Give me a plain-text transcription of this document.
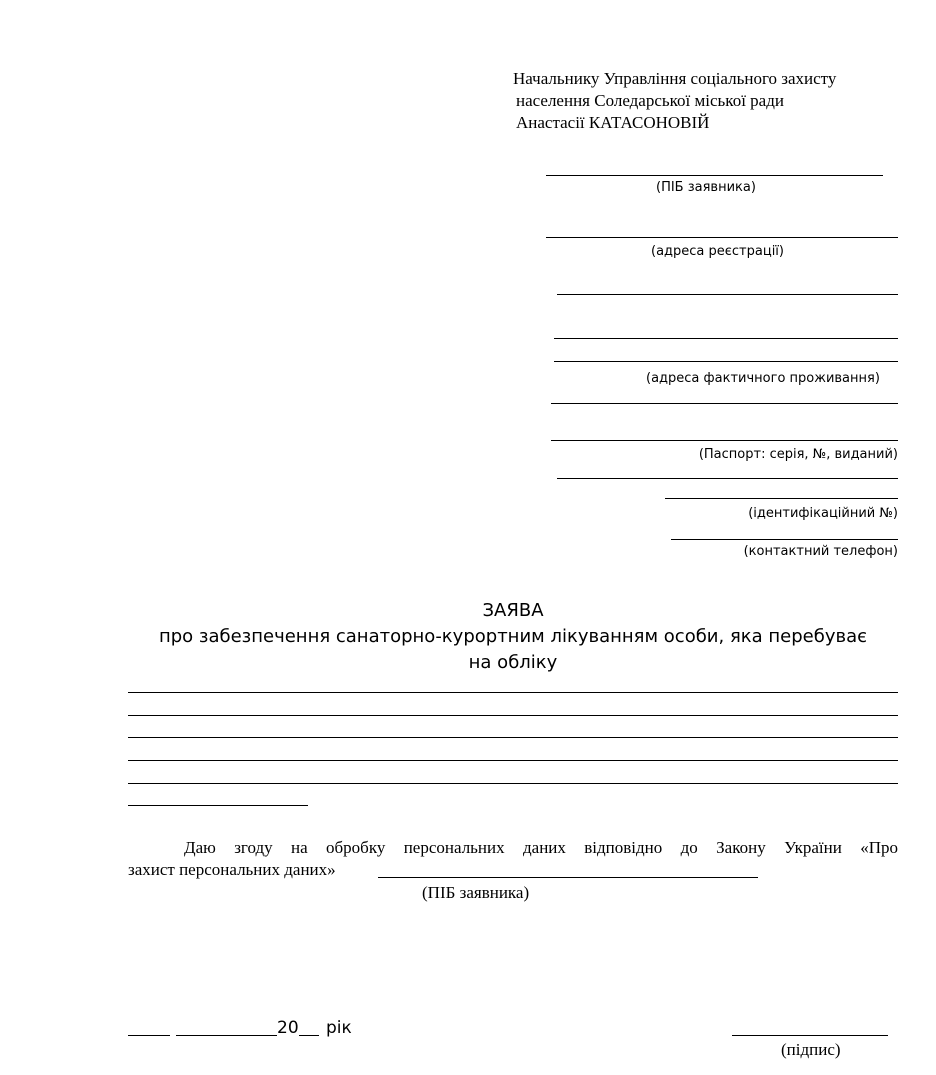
Начальнику Управління соціального захисту
населення Соледарської міської ради
Анастасії КАТАСОНОВІЙ
(ПІБ заявника)
(адреса реєстрації)
(адреса фактичного проживання)
(Паспорт: серія, №, виданий)
(ідентифікаційний №)
(контактний телефон)
ЗАЯВА
про забезпечення санаторно-курортним лікуванням особи, яка перебуває
на обліку
Даю згоду на обробку персональних даних відповідно до Закону України «Про
захист персональних даних»
(ПІБ заявника)
20 рік
(підпис)
